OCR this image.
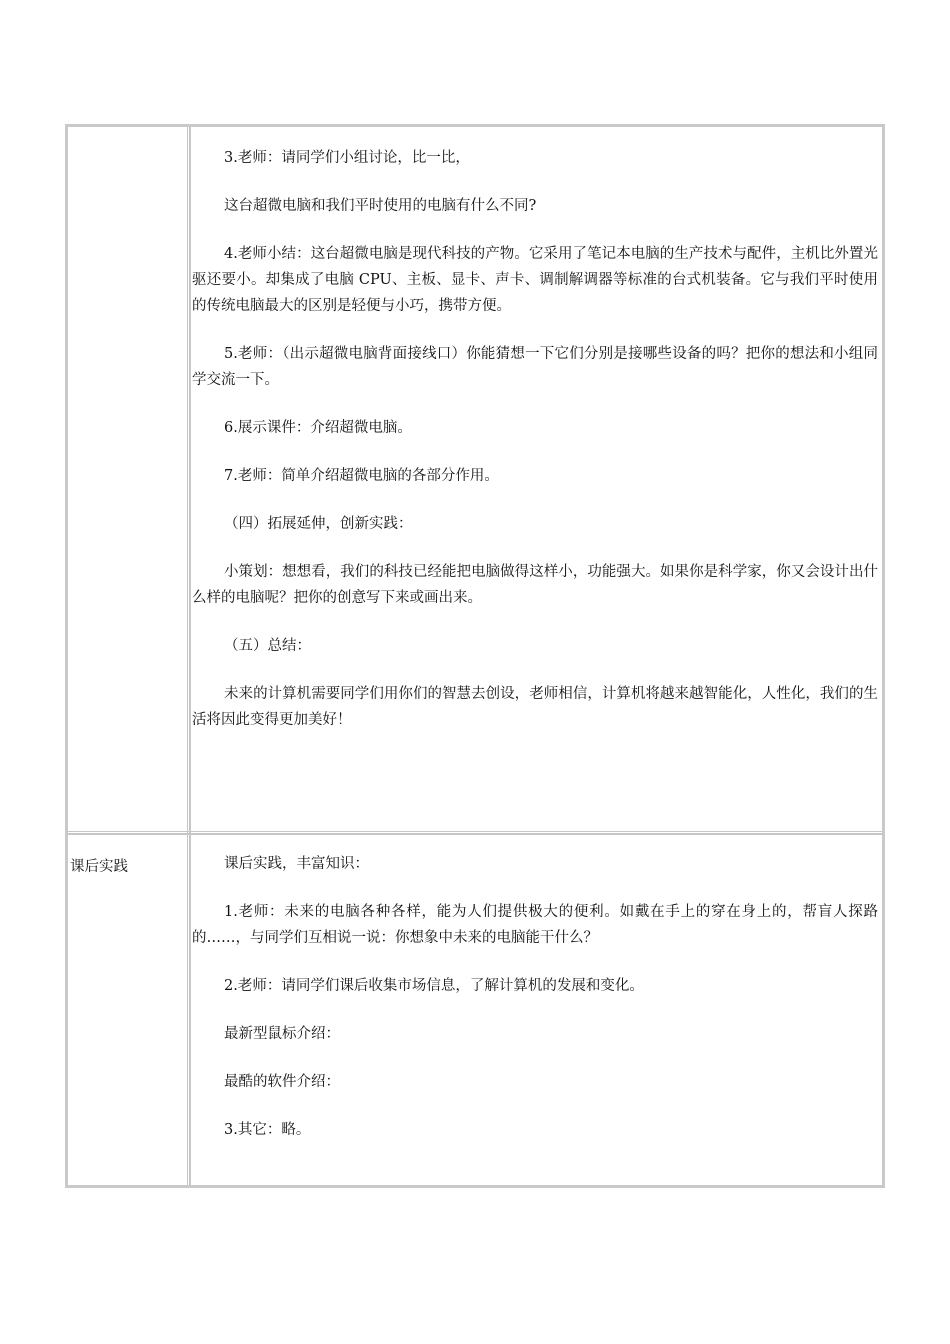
3.老师：请同学们小组讨论，比一比，

这台超微电脑和我们平时使用的电脑有什么不同?

4.老师小结：这台超微电脑是现代科技的产物。它采用了笔记本电脑的生产技术与配件，主机比外置光驱还要小。却集成了电脑 CPU、主板、显卡、声卡、调制解调器等标准的台式机装备。它与我们平时使用的传统电脑最大的区别是轻便与小巧，携带方便。

5.老师：（出示超微电脑背面接线口）你能猜想一下它们分别是接哪些设备的吗？把你的想法和小组同学交流一下。

6.展示课件：介绍超微电脑。

7.老师：简单介绍超微电脑的各部分作用。

（四）拓展延伸，创新实践：

小策划：想想看，我们的科技已经能把电脑做得这样小，功能强大。如果你是科学家，你又会设计出什么样的电脑呢？把你的创意写下来或画出来。

（五）总结：

未来的计算机需要同学们用你们的智慧去创设，老师相信，计算机将越来越智能化，人性化，我们的生活将因此变得更加美好！

课后实践	课后实践，丰富知识：

1.老师：未来的电脑各种各样，能为人们提供极大的便利。如戴在手上的穿在身上的，帮盲人探路的……，与同学们互相说一说：你想象中未来的电脑能干什么？

2.老师：请同学们课后收集市场信息，了解计算机的发展和变化。

最新型鼠标介绍：

最酷的软件介绍：

3.其它：略。
